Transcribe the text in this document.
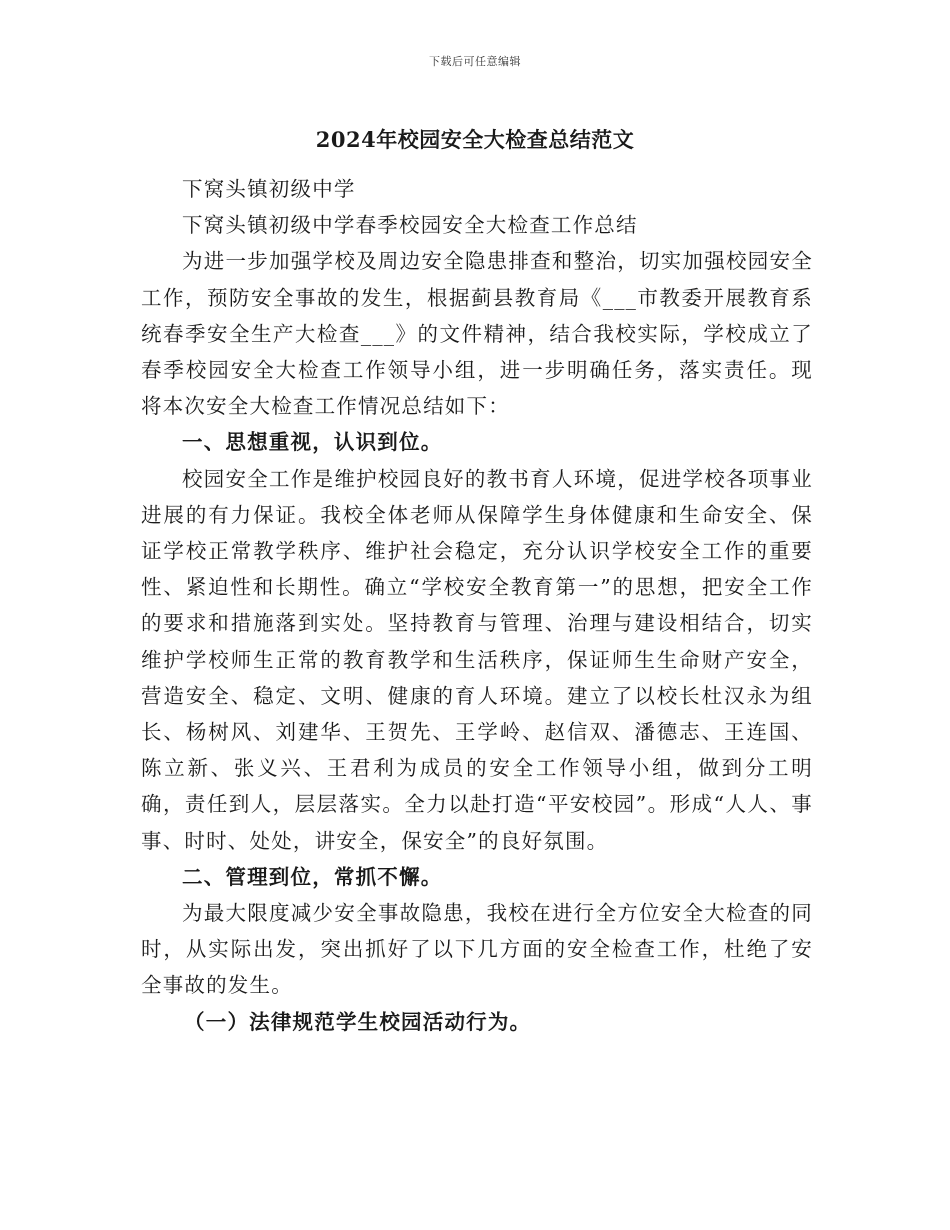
下载后可任意编辑
2024年校园安全大检查总结范文

下窝头镇初级中学

下窝头镇初级中学春季校园安全大检查工作总结

为进一步加强学校及周边安全隐患排查和整治，切实加强校园安全工作，预防安全事故的发生，根据蓟县教育局《___市教委开展教育系统春季安全生产大检查___》的文件精神，结合我校实际，学校成立了春季校园安全大检查工作领导小组，进一步明确任务，落实责任。现将本次安全大检查工作情况总结如下：

一、思想重视，认识到位。

校园安全工作是维护校园良好的教书育人环境，促进学校各项事业进展的有力保证。我校全体老师从保障学生身体健康和生命安全、保证学校正常教学秩序、维护社会稳定，充分认识学校安全工作的重要性、紧迫性和长期性。确立“学校安全教育第一”的思想，把安全工作的要求和措施落到实处。坚持教育与管理、治理与建设相结合，切实维护学校师生正常的教育教学和生活秩序，保证师生生命财产安全，营造安全、稳定、文明、健康的育人环境。建立了以校长杜汉永为组长、杨树风、刘建华、王贺先、王学岭、赵信双、潘德志、王连国、陈立新、张义兴、王君利为成员的安全工作领导小组，做到分工明确，责任到人，层层落实。全力以赴打造“平安校园”。形成“人人、事事、时时、处处，讲安全，保安全”的良好氛围。

二、管理到位，常抓不懈。

为最大限度减少安全事故隐患，我校在进行全方位安全大检查的同时，从实际出发，突出抓好了以下几方面的安全检查工作，杜绝了安全事故的发生。

（一）法律规范学生校园活动行为。
